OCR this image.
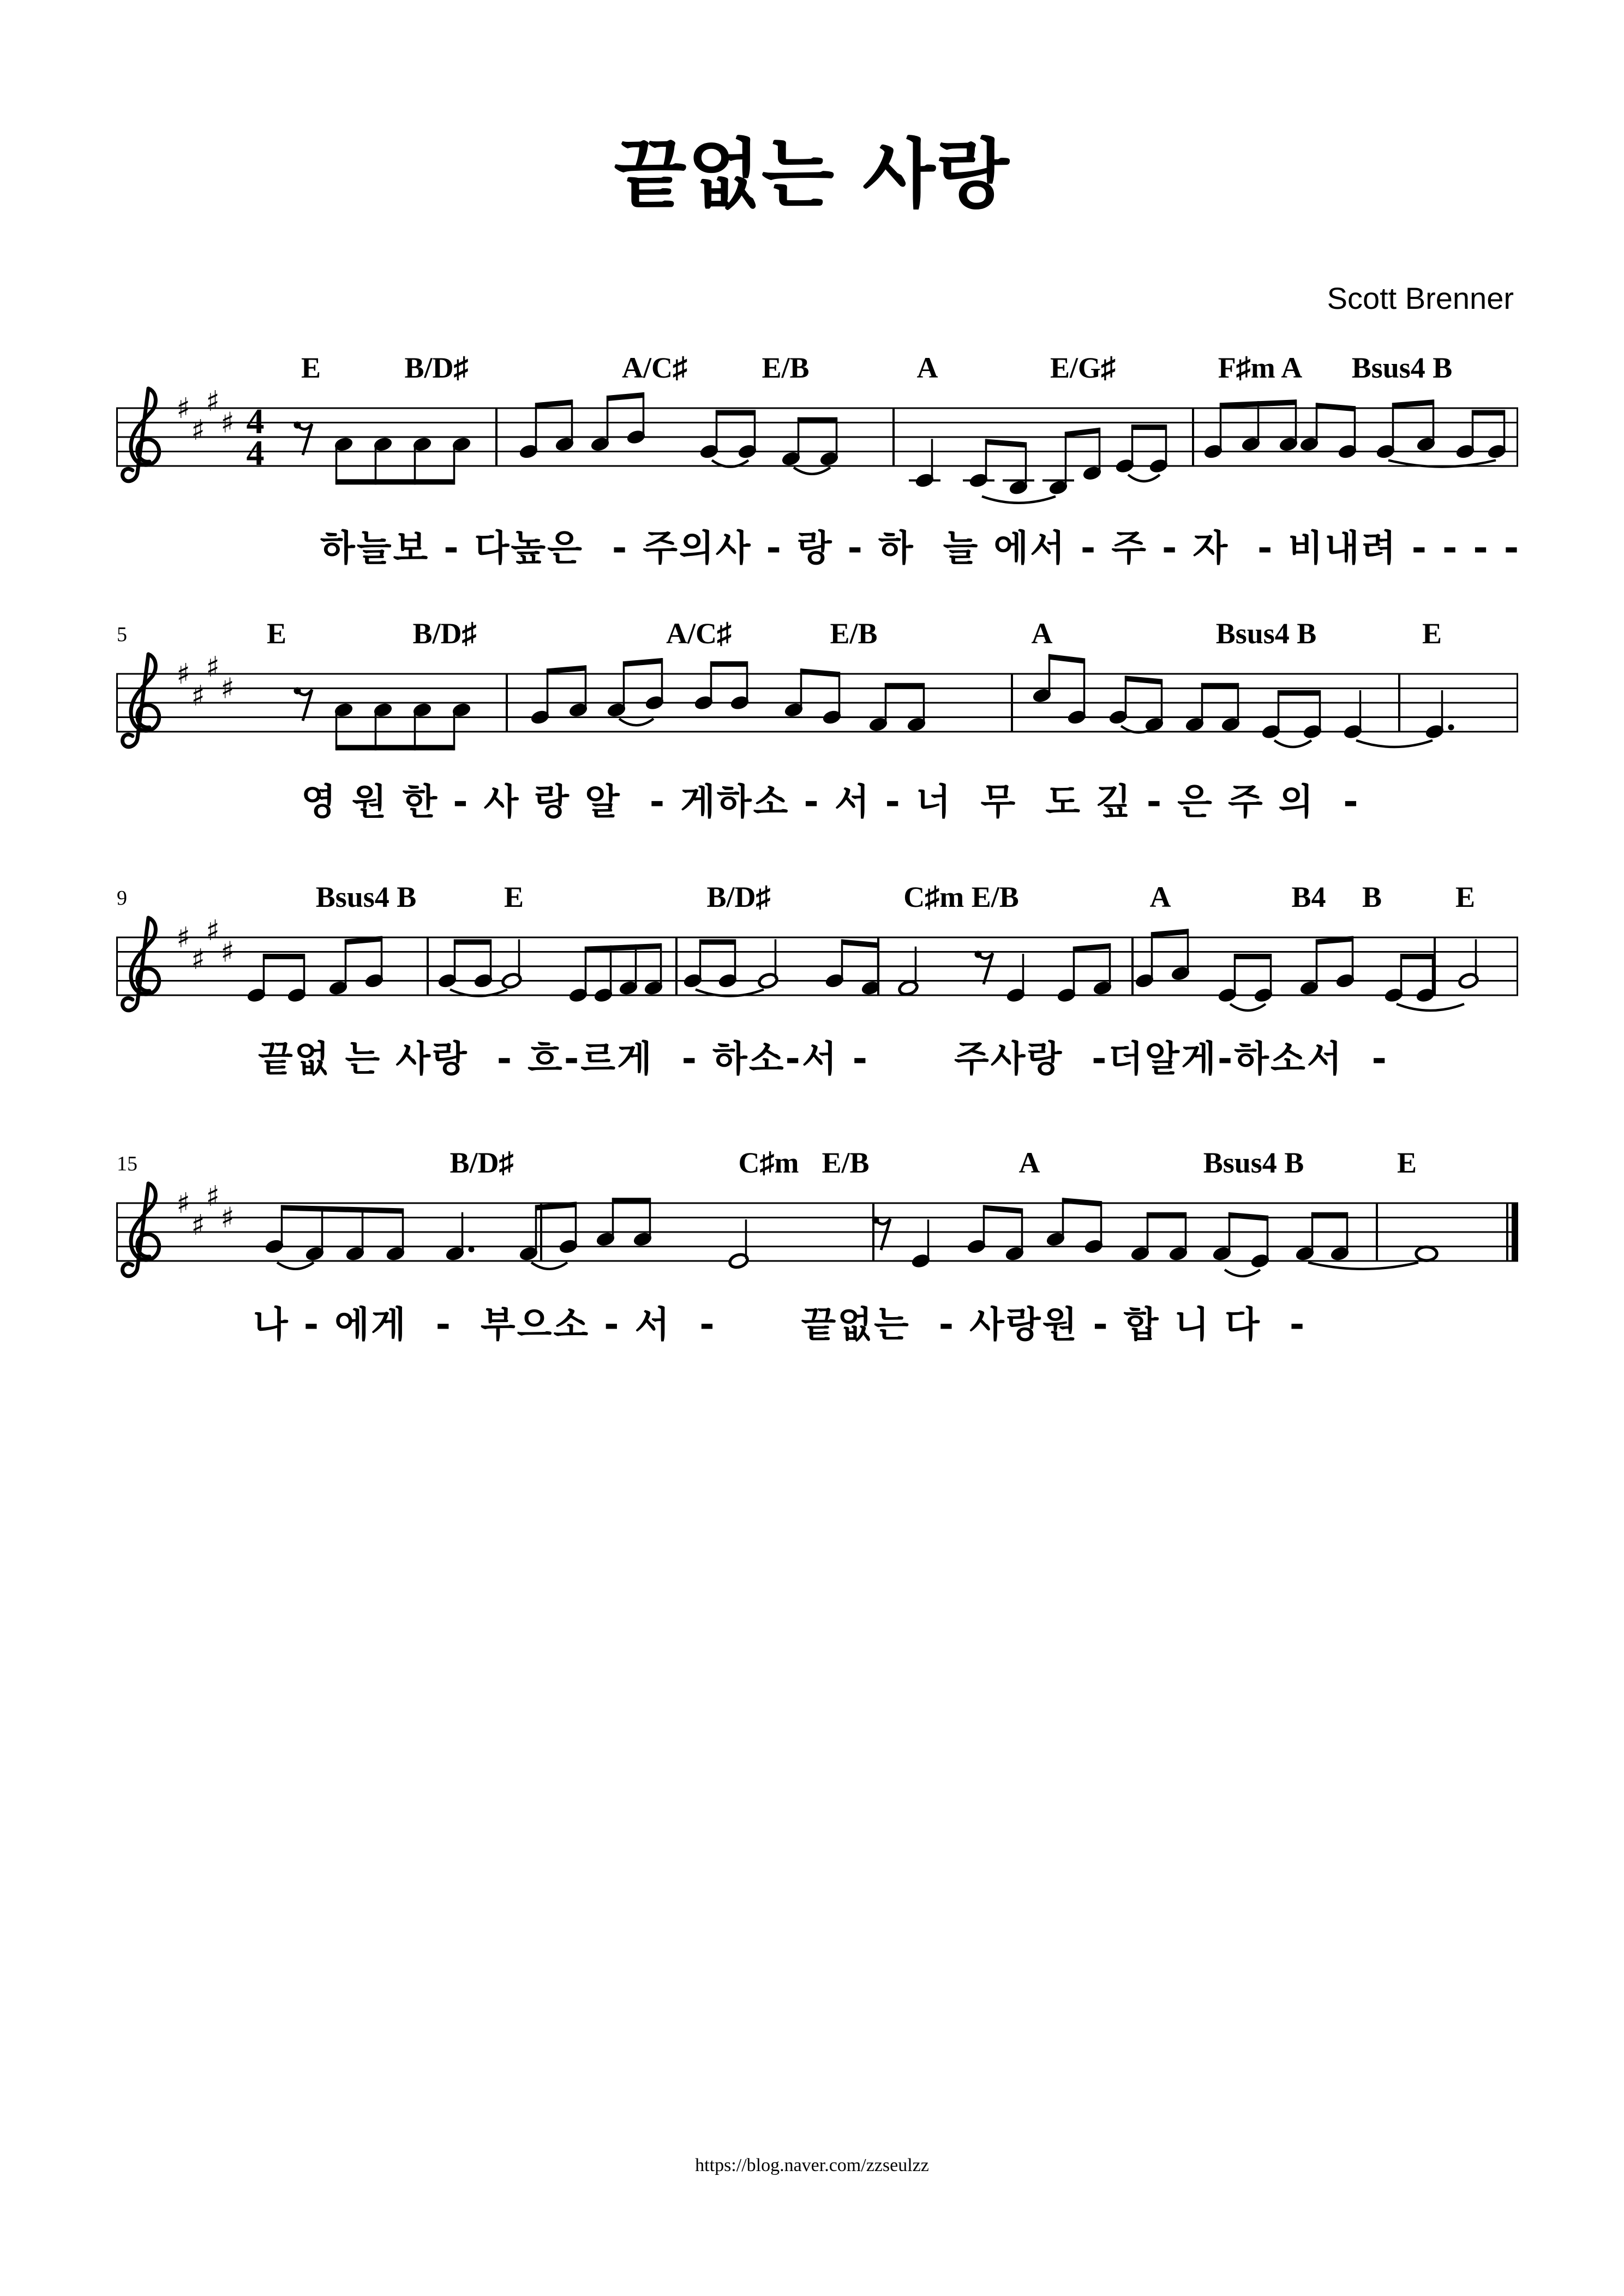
끝없는 사랑
Scott Brenner
♯
♯
♯
♯ 4
4
E	B/D♯	A/C♯	E/B	A	E/G♯	F♯m A Bsus4 B
♯
♯
♯
♯
5	E	B/D♯	A/C♯	E/B	A	Bsus4 B	E
♯
♯
♯
♯
9	Bsus4 B	E	B/D♯	C♯m E/B	A	B4 B E
♯
♯
♯
♯
15	B/D♯	C♯m E/B	A	Bsus4 B	E
하늘보 - 다높은  - 주의사 - 랑 - 하  늘 에서 - 주 - 자  - 비내려 - - - -
영 원 한 - 사 랑 알  - 게하소 - 서 - 너  무  도 깊 - 은 주 의  -
끝없 는 사랑  - 흐-르게  - 하소-서 -      주사랑  -더알게-하소서  -
나 - 에게  -  부으소 - 서  -      끝없는  - 사랑원 - 합 니 다  -
https://blog.naver.com/zzseulzz
